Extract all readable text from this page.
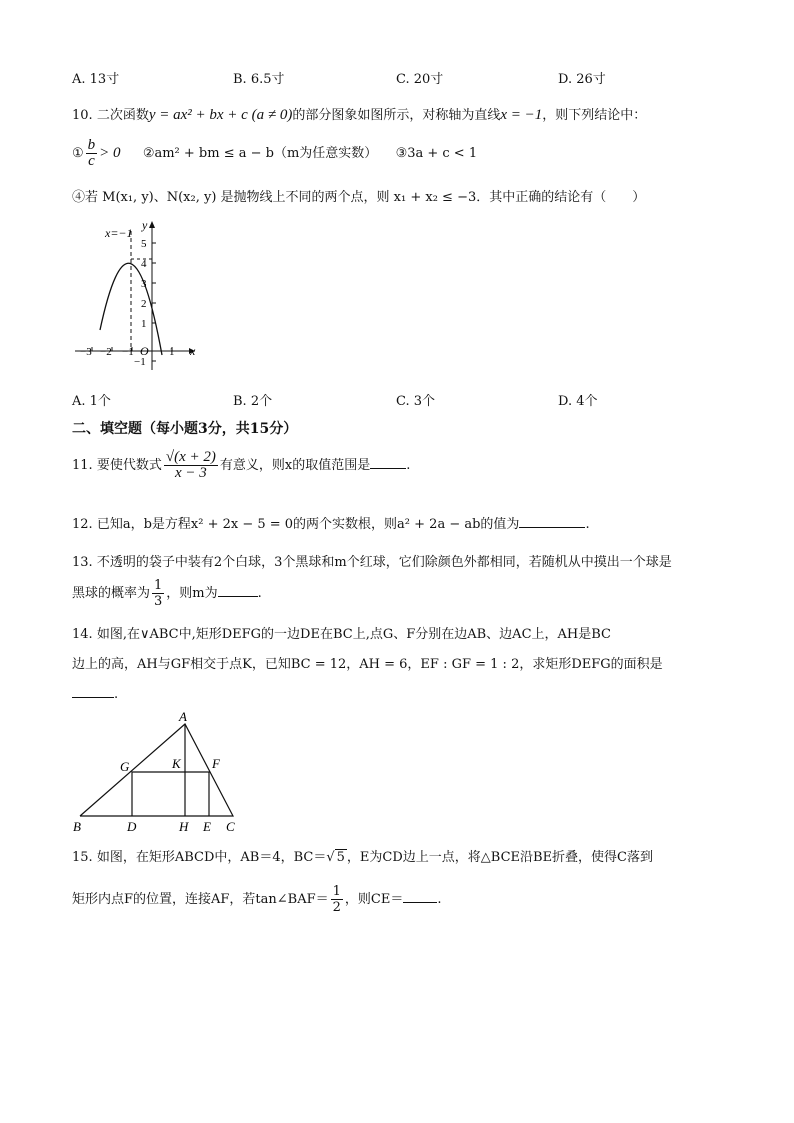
A. 13寸	B. 6.5寸	C. 20寸	D. 26寸
10. 二次函数y = ax² + bx + c (a ≠ 0)的部分图象如图所示，对称轴为直线x = −1，则下列结论中：
① $\frac{b}{c} > 0$ ②am² + bm ≤ a − b（m为任意实数） ③3a + c < 1
④若 M(x₁, y)、N(x₂, y) 是抛物线上不同的两个点，则 x₁ + x₂ ≤ −3．其中正确的结论有（　　）
x=−1
y
x
5
4
3
2
1
−1
−3 −2 −1 O 1
A. 1个	B. 2个	C. 3个	D. 4个
二、填空题（每小题3分，共15分）
11. 要使代数式 $\frac{√(x + 2)}{x - 3}$ 有意义，则x的取值范围是	.
12. 已知a，b是方程x² + 2x − 5 = 0的两个实数根，则a² + 2a − ab的值为	.
13. 不透明的袋子中装有2个白球，3个黑球和m个红球，它们除颜色外都相同，若随机从中摸出一个球是
黑球的概率为 $\frac{1}{3}$ ，则m为	.
14. 如图,在∨ABC中,矩形DEFG的一边DE在BC上,点G、F分别在边AB、边AC上，AH是BC
边上的高，AH与GF相交于点K，已知BC = 12，AH = 6，EF : GF = 1 : 2，求矩形DEFG的面积是
.
A
G	K F
B	D	H E C
15. 如图，在矩形ABCD中，AB＝4，BC＝√ 5 ，E为CD边上一点，将△BCE沿BE折叠，使得C落到
矩形内点F的位置，连接AF，若tan∠BAF＝ $\frac{1}{2}$ ，则CE＝	.
